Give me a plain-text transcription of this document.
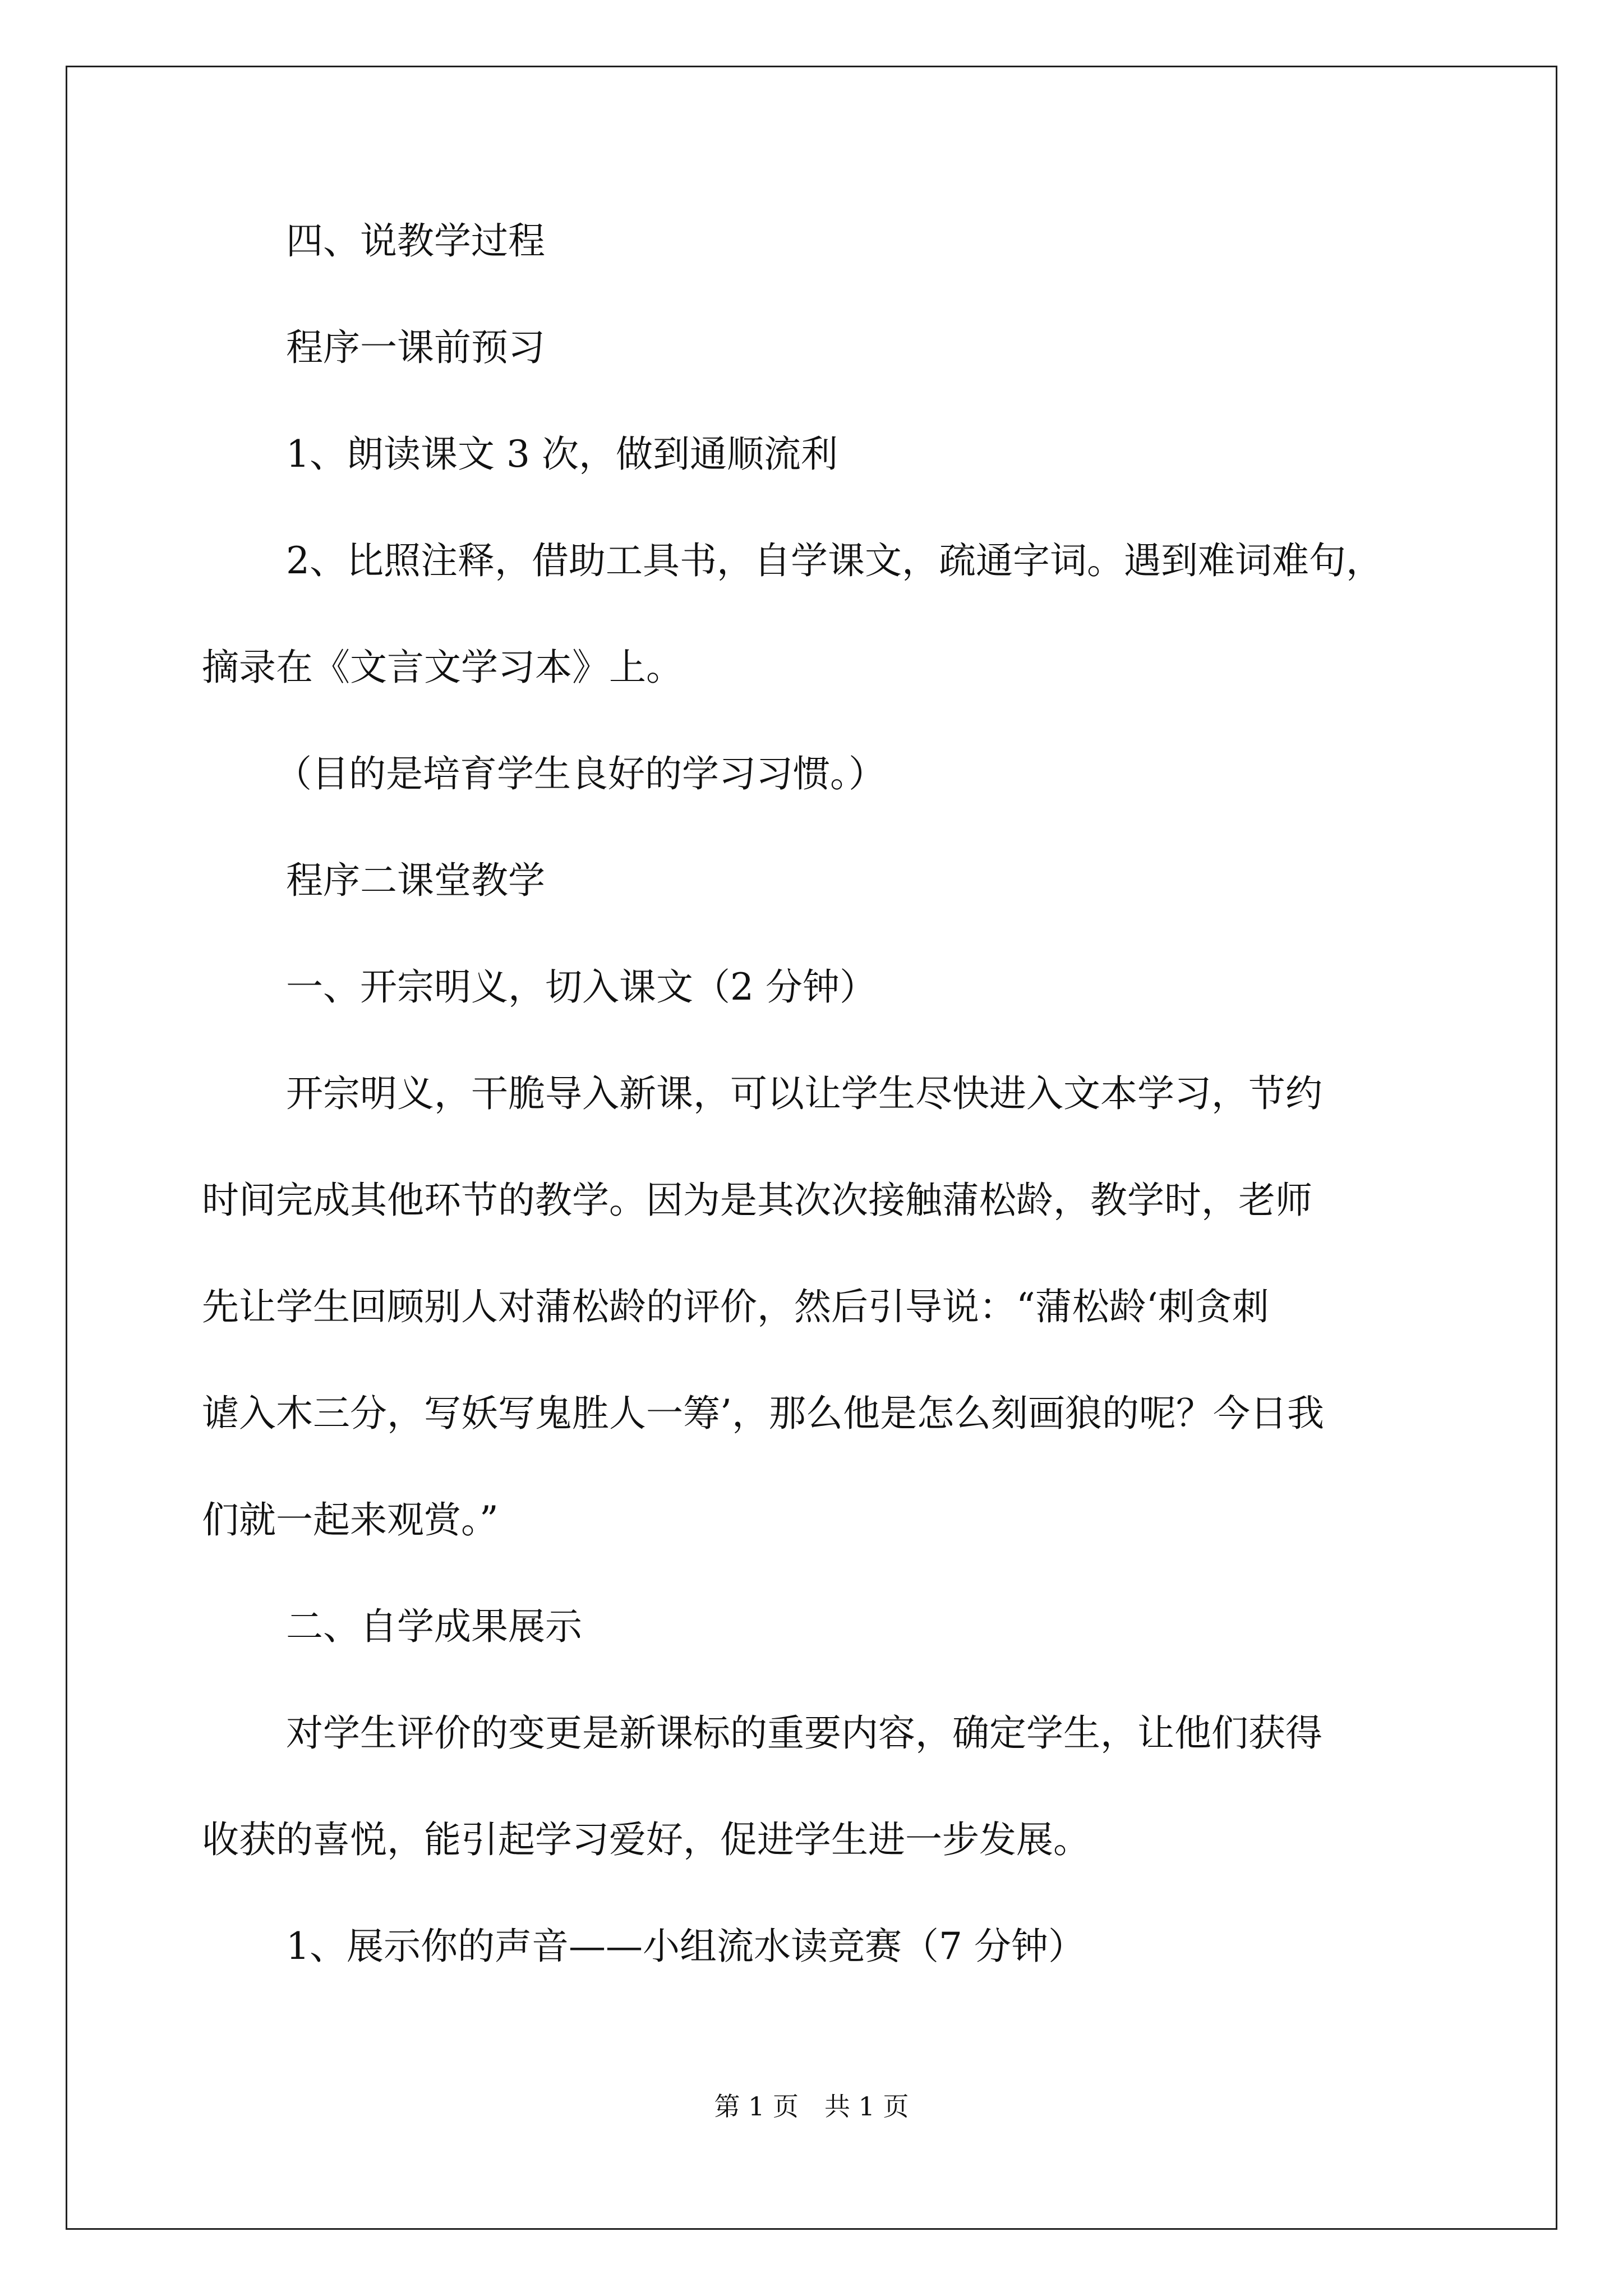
四、说教学过程
程序一课前预习
1、朗读课文 3 次，做到通顺流利
2、比照注释，借助工具书，自学课文，疏通字词。遇到难词难句，
摘录在《文言文学习本》上。
（目的是培育学生良好的学习习惯。）
程序二课堂教学
一、开宗明义，切入课文（2 分钟）
开宗明义，干脆导入新课，可以让学生尽快进入文本学习，节约
时间完成其他环节的教学。因为是其次次接触蒲松龄，教学时，老师
先让学生回顾别人对蒲松龄的评价，然后引导说：“蒲松龄‘刺贪刺
谑入木三分，写妖写鬼胜人一筹’，那么他是怎么刻画狼的呢？今日我
们就一起来观赏。”
二、自学成果展示
对学生评价的变更是新课标的重要内容，确定学生，让他们获得
收获的喜悦，能引起学习爱好，促进学生进一步发展。
1、展示你的声音——小组流水读竞赛（7 分钟）
第 1 页　共 1 页
